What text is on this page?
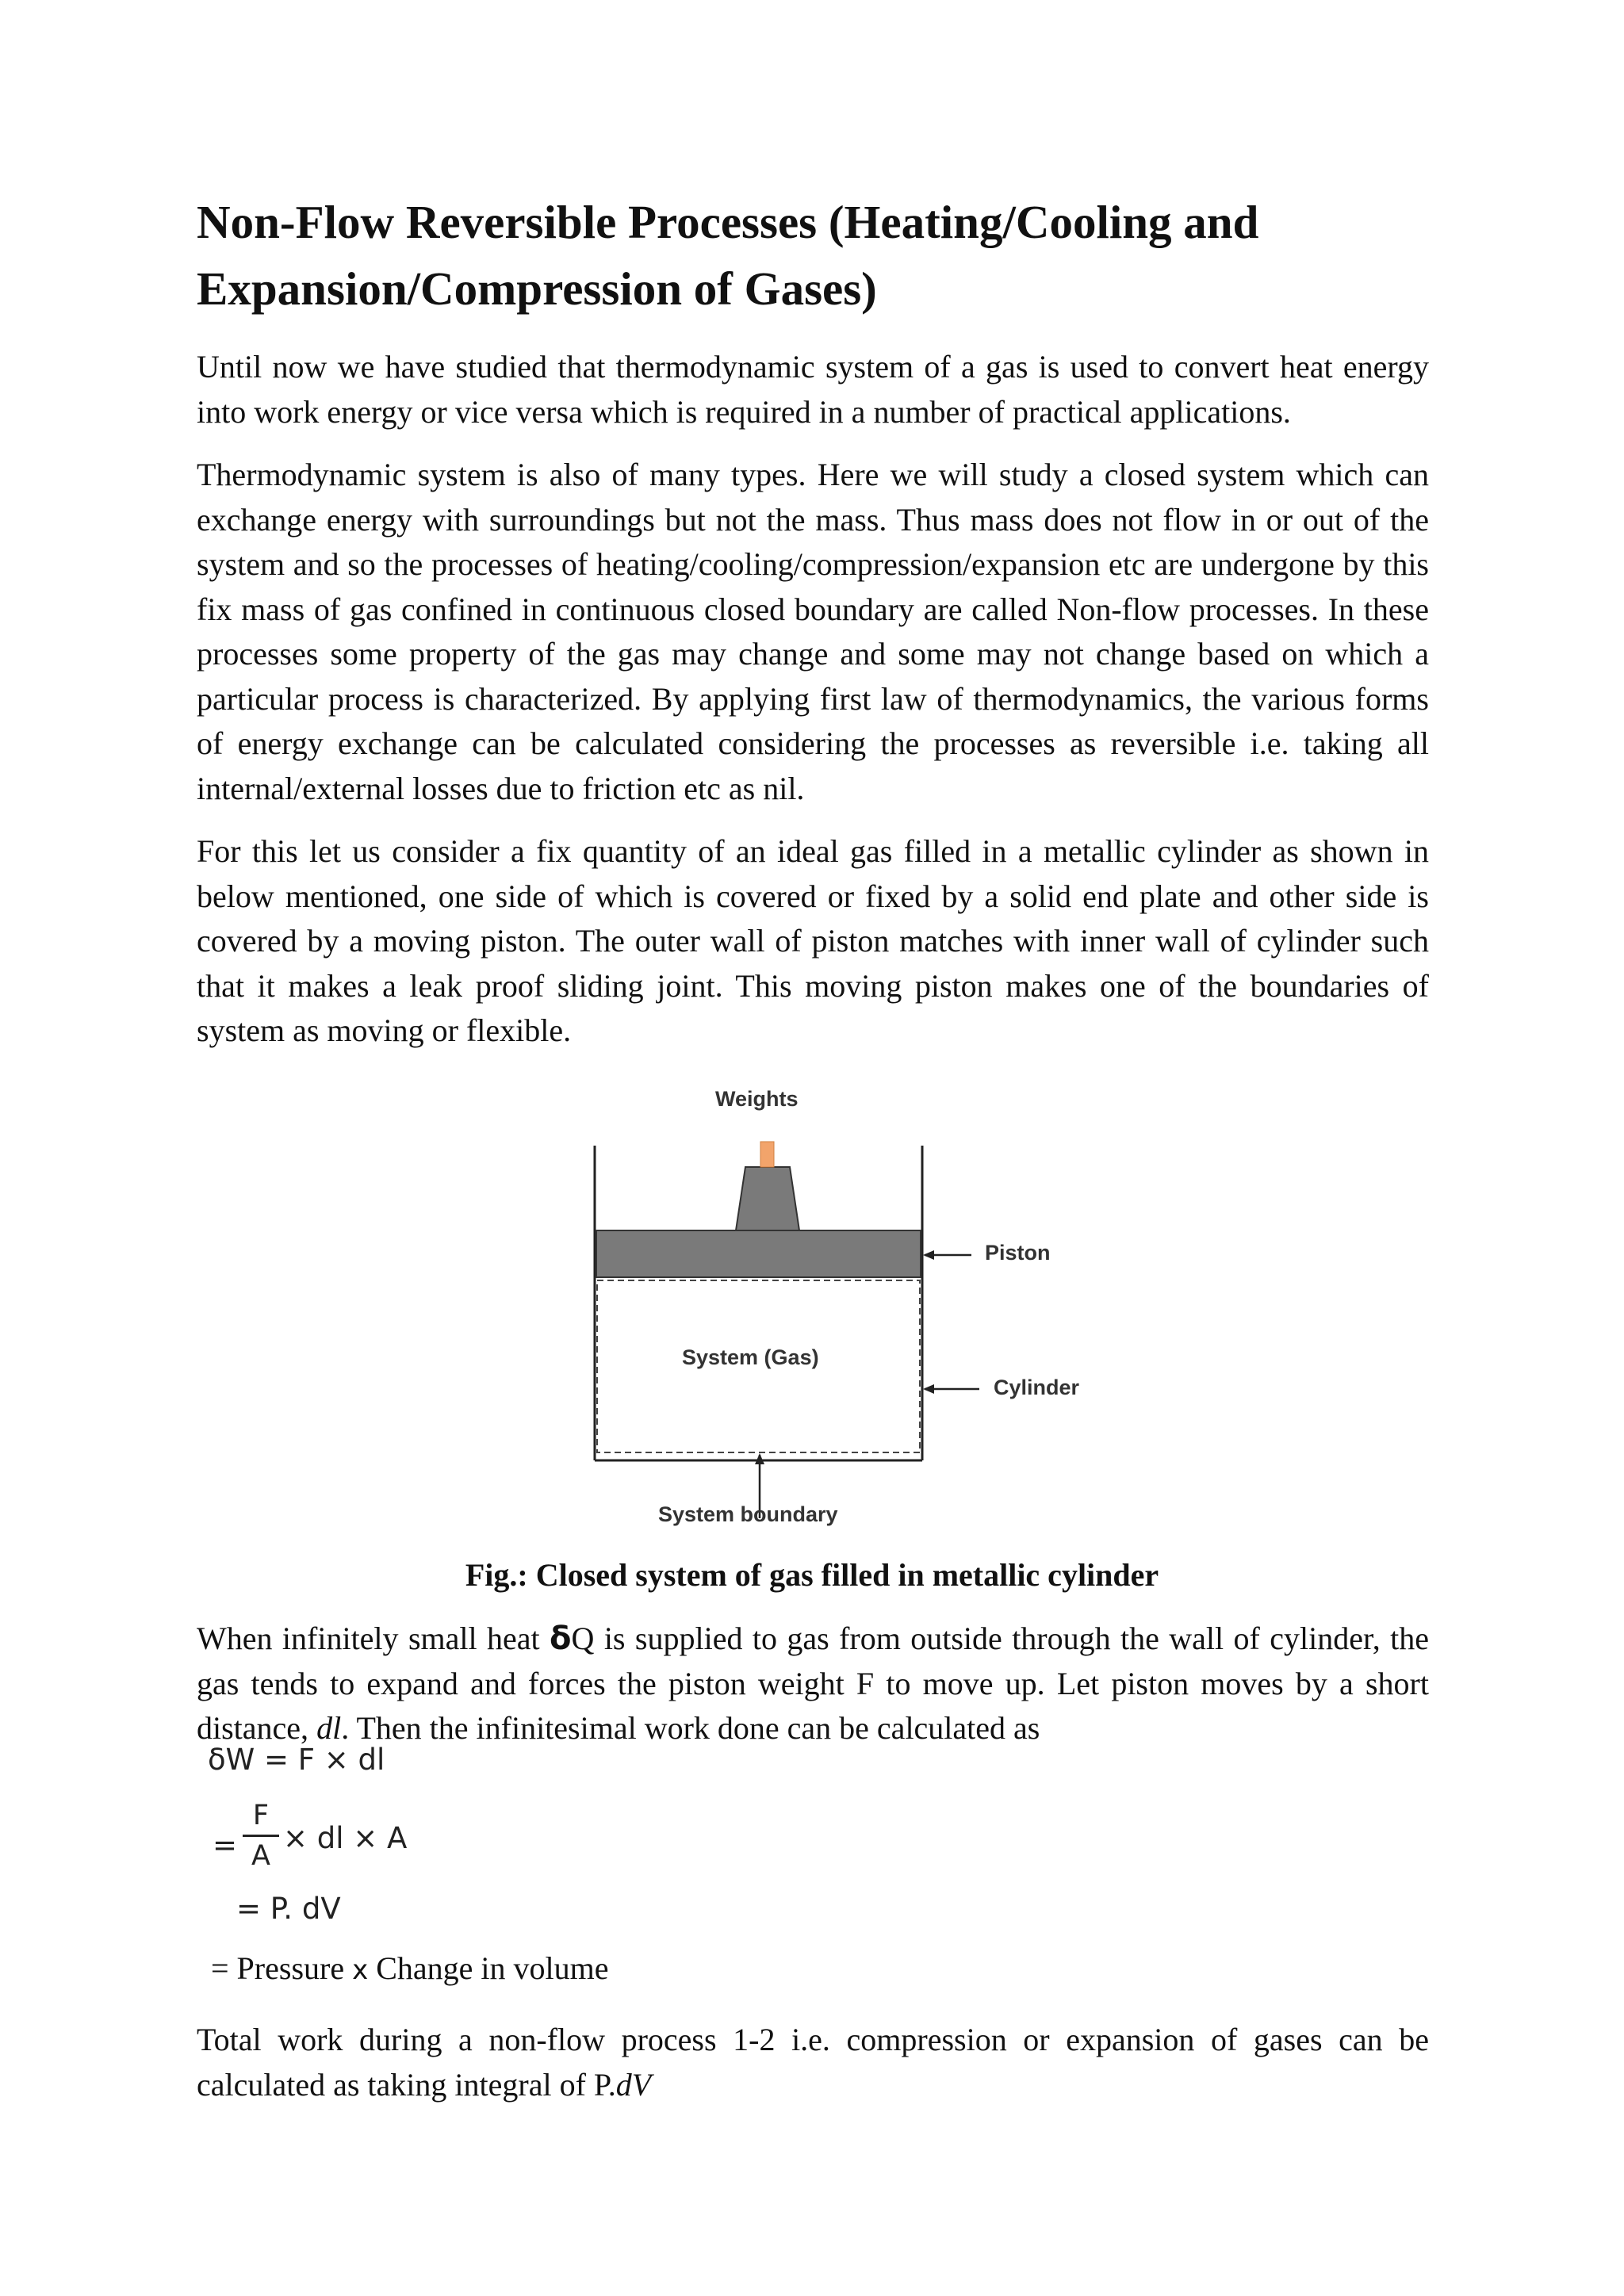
Non-Flow Reversible Processes (Heating/Cooling and Expansion/Compression of Gases)

Until now we have studied that thermodynamic system of a gas is used to convert heat energy into work energy or vice versa which is required in a number of practical applications.

Thermodynamic system is also of many types. Here we will study a closed system which can exchange energy with surroundings but not the mass. Thus mass does not flow in or out of the system and so the processes of heating/cooling/compression/expansion etc are undergone by this fix mass of gas confined in continuous closed boundary are called Non-flow processes. In these processes some property of the gas may change and some may not change based on which a particular process is characterized. By applying first law of thermodynamics, the various forms of energy exchange can be calculated considering the processes as reversible i.e. taking all internal/external losses due to friction etc as nil.

For this let us consider a fix quantity of an ideal gas filled in a metallic cylinder as shown in below mentioned, one side of which is covered or fixed by a solid end plate and other side is covered by a moving piston. The outer wall of piston matches with inner wall of cylinder such that it makes a leak proof sliding joint. This moving piston makes one of the boundaries of system as moving or flexible.

Weights
Piston
System (Gas)
Cylinder
System boundary
Fig.: Closed system of gas filled in metallic cylinder

When infinitely small heat δQ is supplied to gas from outside through the wall of cylinder, the gas tends to expand and forces the piston weight F to move up. Let piston moves by a short distance, dl. Then the infinitesimal work done can be calculated as

δW = F × dl
=
F
A
× dl × A
= P. dV
= Pressure x Change in volume

Total work during a non-flow process 1-2 i.e. compression or expansion of gases can be calculated as taking integral of P.dV
